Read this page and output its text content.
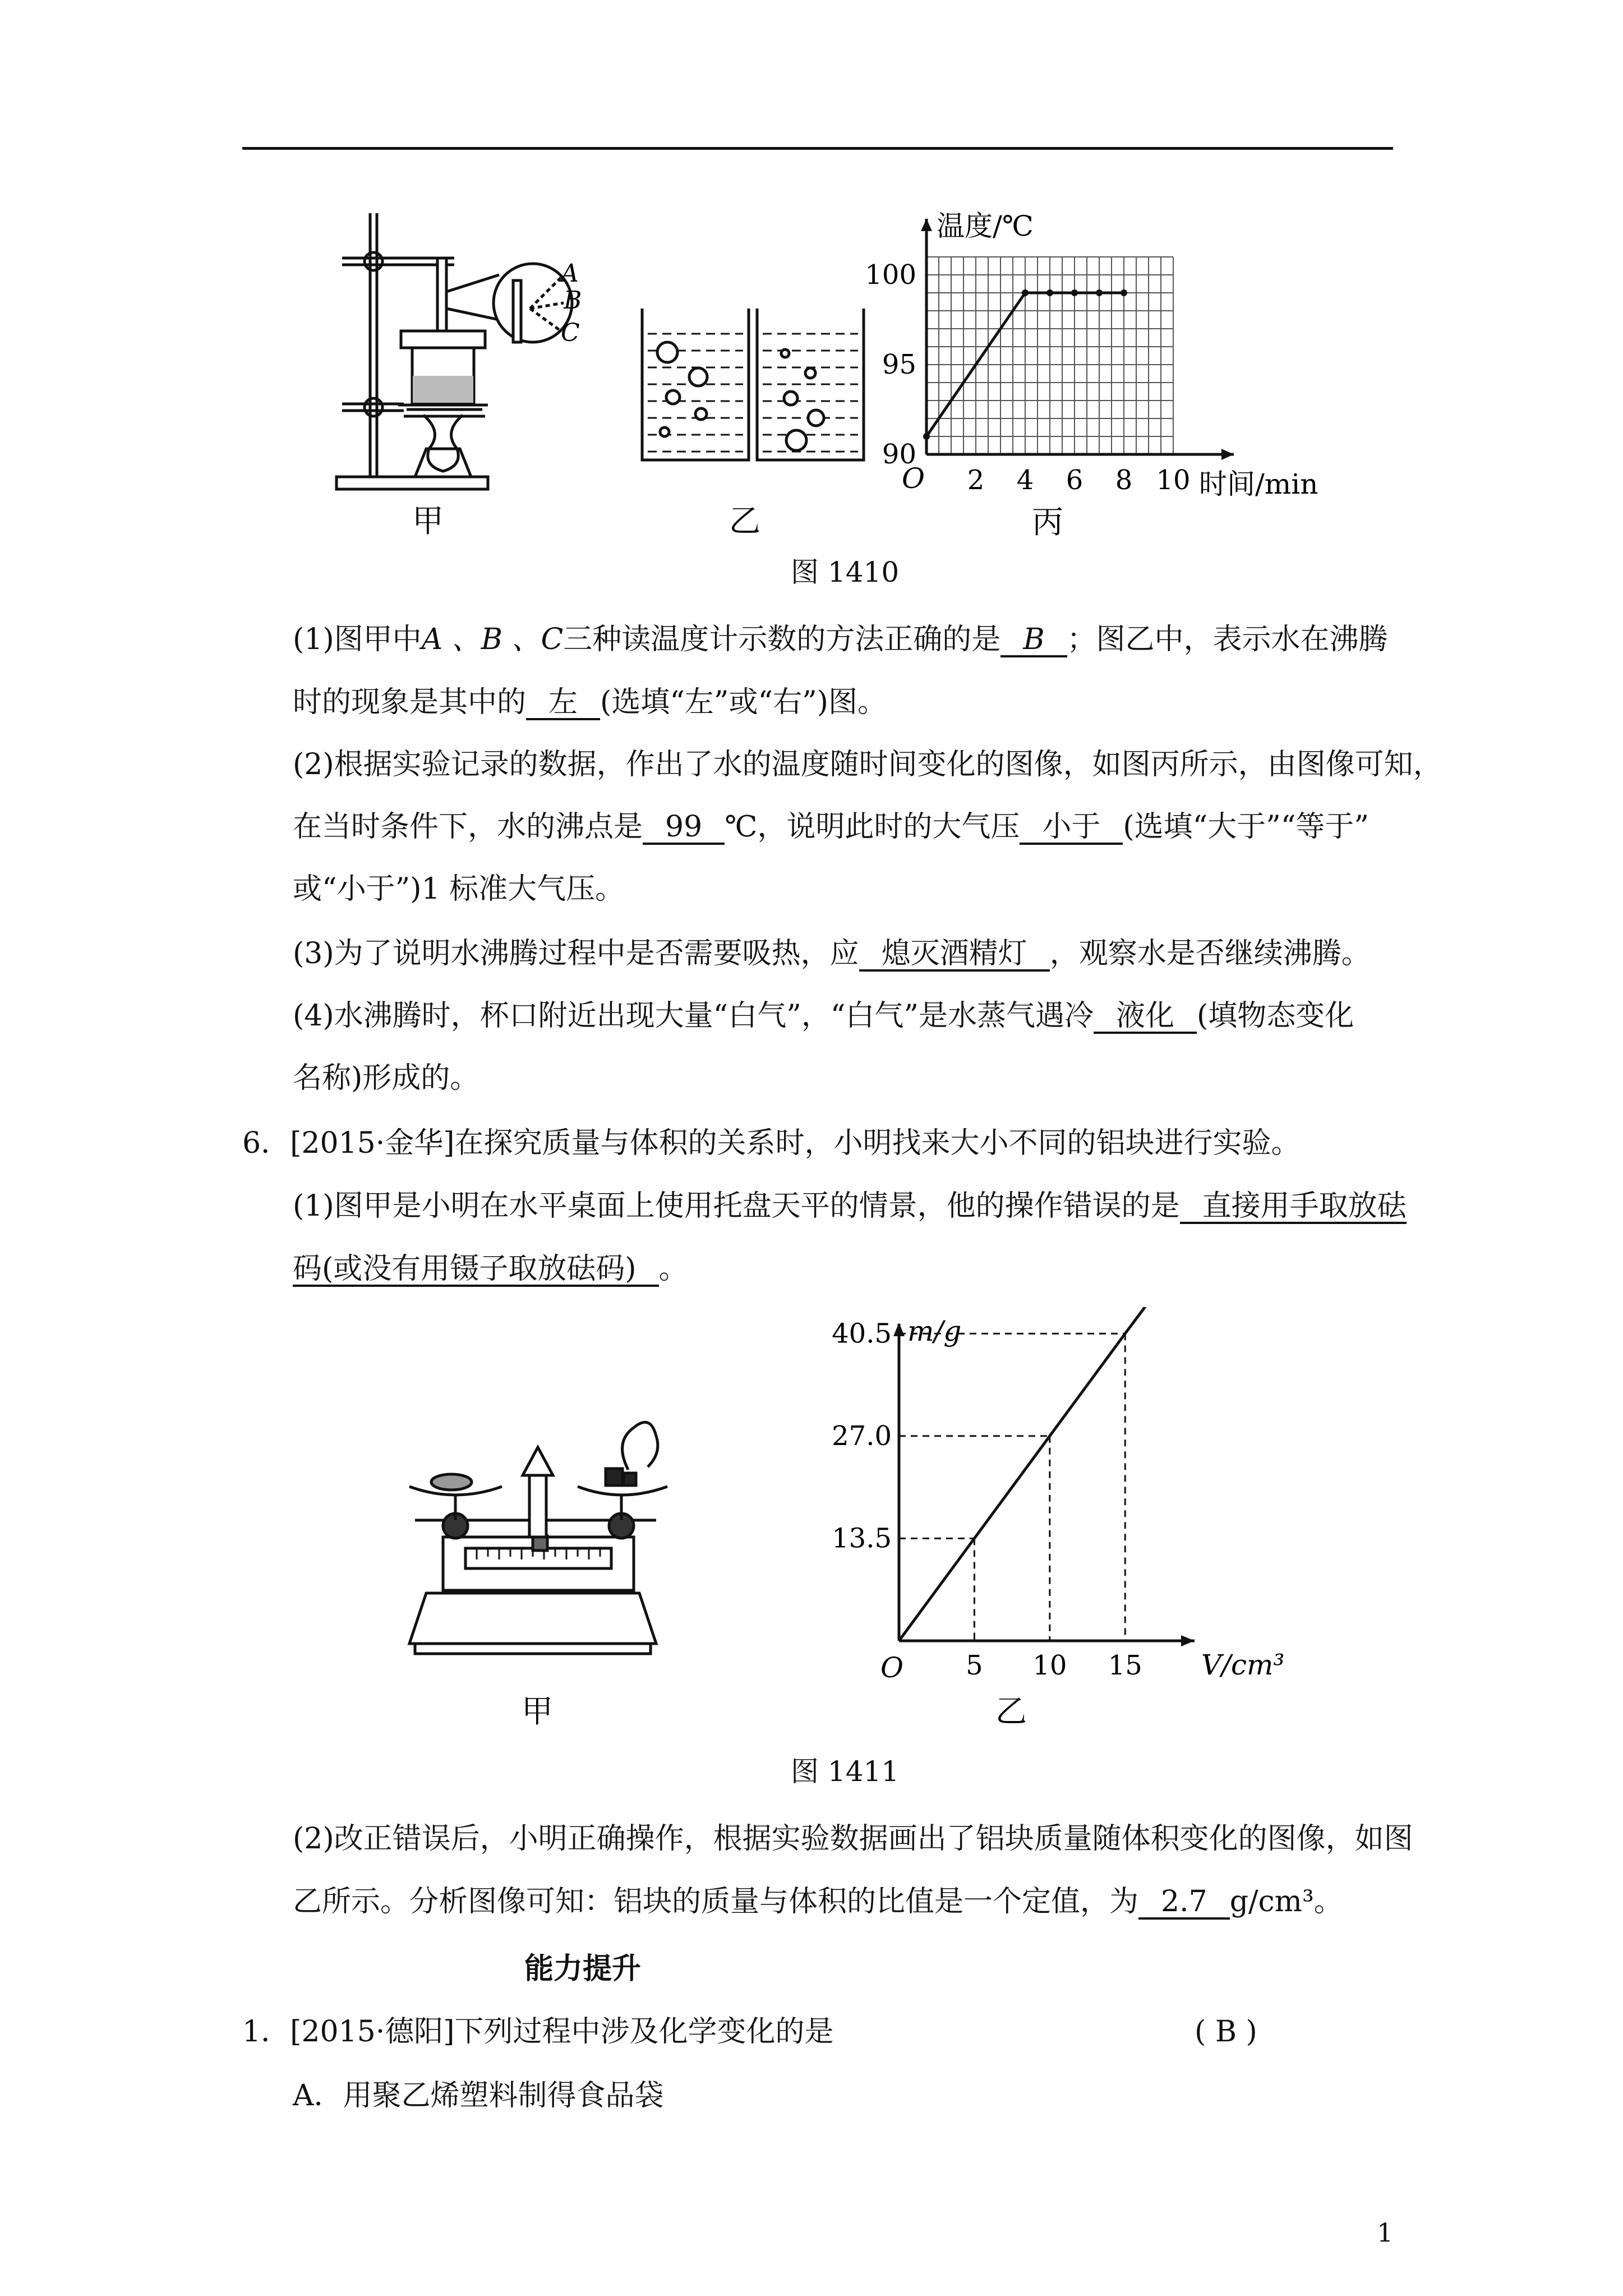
A
B
C
甲	乙
O 2 4 6 8 10
90
95
100
温度/℃
时间/min
丙
图 1410
(1)图甲中A 、B 、C三种读温度计示数的方法正确的是 B ；图乙中，表示水在沸腾
时的现象是其中的 左 (选填“左”或“右”)图。
(2)根据实验记录的数据，作出了水的温度随时间变化的图像，如图丙所示，由图像可知，
在当时条件下，水的沸点是 99 ℃，说明此时的大气压 小于 (选填“大于”“等于”
或“小于”)1 标准大气压。
(3)为了说明水沸腾过程中是否需要吸热，应 熄灭酒精灯 ，观察水是否继续沸腾。
(4)水沸腾时，杯口附近出现大量“白气”，“白气”是水蒸气遇冷 液化 (填物态变化
名称)形成的。
6．[2015·金华]在探究质量与体积的关系时，小明找来大小不同的铝块进行实验。
(1)图甲是小明在水平桌面上使用托盘天平的情景，他的操作错误的是 直接用手取放砝
码(或没有用镊子取放砝码) 。
甲
O 5 10 15
13.5
27.0
40.5 m/g
V/cm³
乙
图 1411
(2)改正错误后，小明正确操作，根据实验数据画出了铝块质量随体积变化的图像，如图
乙所示。分析图像可知：铝块的质量与体积的比值是一个定值，为 2.7 g/cm³。
能力提升
1．[2015·德阳]下列过程中涉及化学变化的是	( B )
A．用聚乙烯塑料制得食品袋
1
